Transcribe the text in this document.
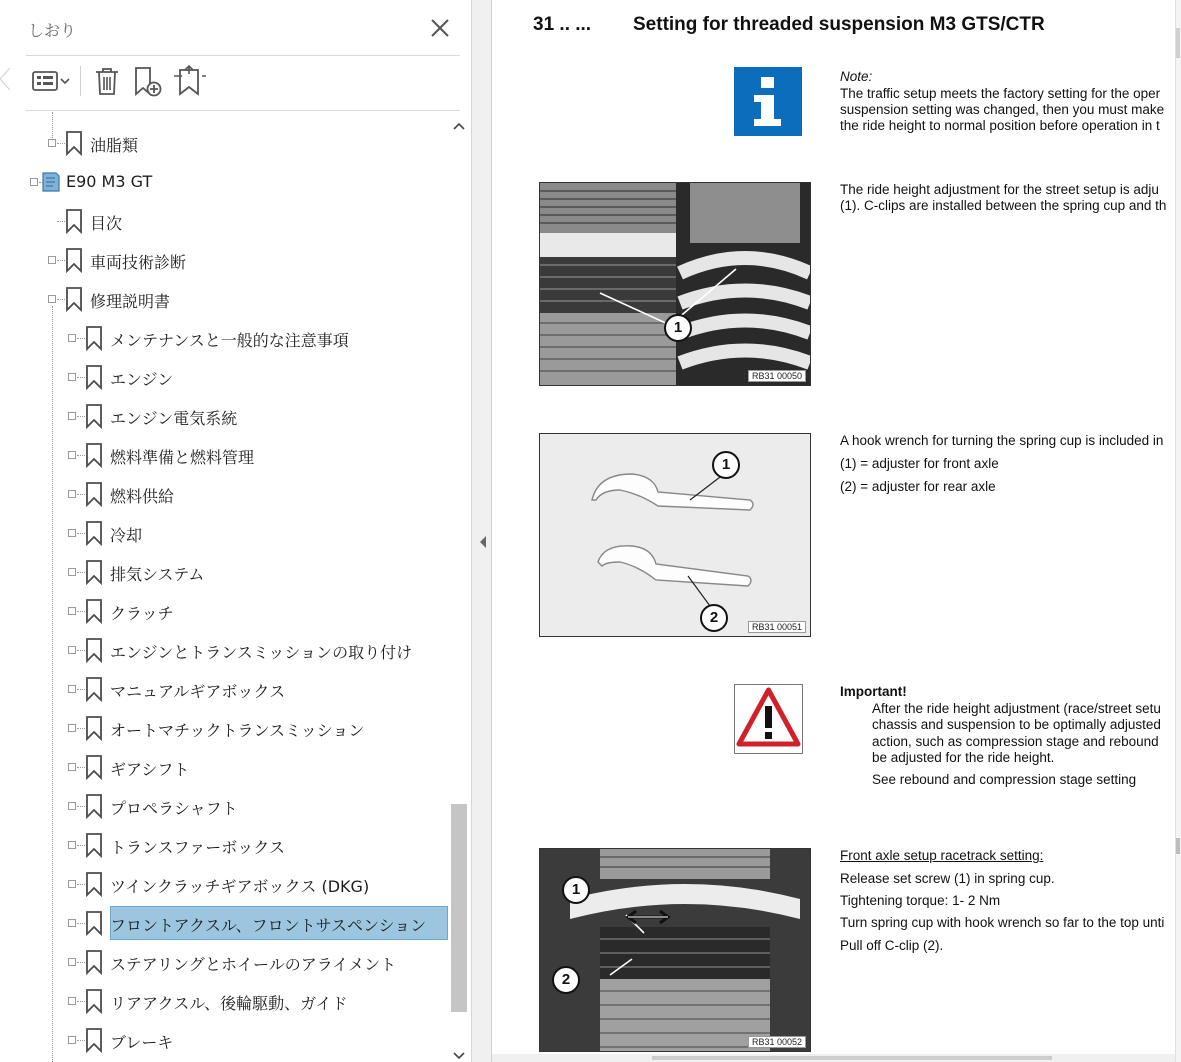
しおり
油脂類
E90 M3 GT
目次
車両技術診断
修理説明書
メンテナンスと一般的な注意事項
エンジン
エンジン電気系統
燃料準備と燃料管理
燃料供給
冷却
排気システム
クラッチ
エンジンとトランスミッションの取り付け
マニュアルギアボックス
オートマチックトランスミッション
ギアシフト
プロペラシャフト
トランスファーボックス
ツインクラッチギアボックス (DKG)
フロントアクスル、フロントサスペンション
ステアリングとホイールのアライメント
リアアクスル、後輪駆動、ガイド
ブレーキ
31 .. ... Setting for threaded suspension M3 GTS/CTR
Note:
The traffic setup meets the factory setting for the oper
suspension setting was changed, then you must make
the ride height to normal position before operation in t
1
RB31 00050
The ride height adjustment for the street setup is adju
(1). C-clips are installed between the spring cup and th
1
2
RB31 00051
A hook wrench for turning the spring cup is included in
(1) = adjuster for front axle
(2) = adjuster for rear axle
Important!
After the ride height adjustment (race/street setu
chassis and suspension to be optimally adjusted
action, such as compression stage and rebound
be adjusted for the ride height.
See rebound and compression stage setting
1
2
RB31 00052
Front axle setup racetrack setting:
Release set screw (1) in spring cup.
Tightening torque: 1- 2 Nm
Turn spring cup with hook wrench so far to the top unti
Pull off C-clip (2).
